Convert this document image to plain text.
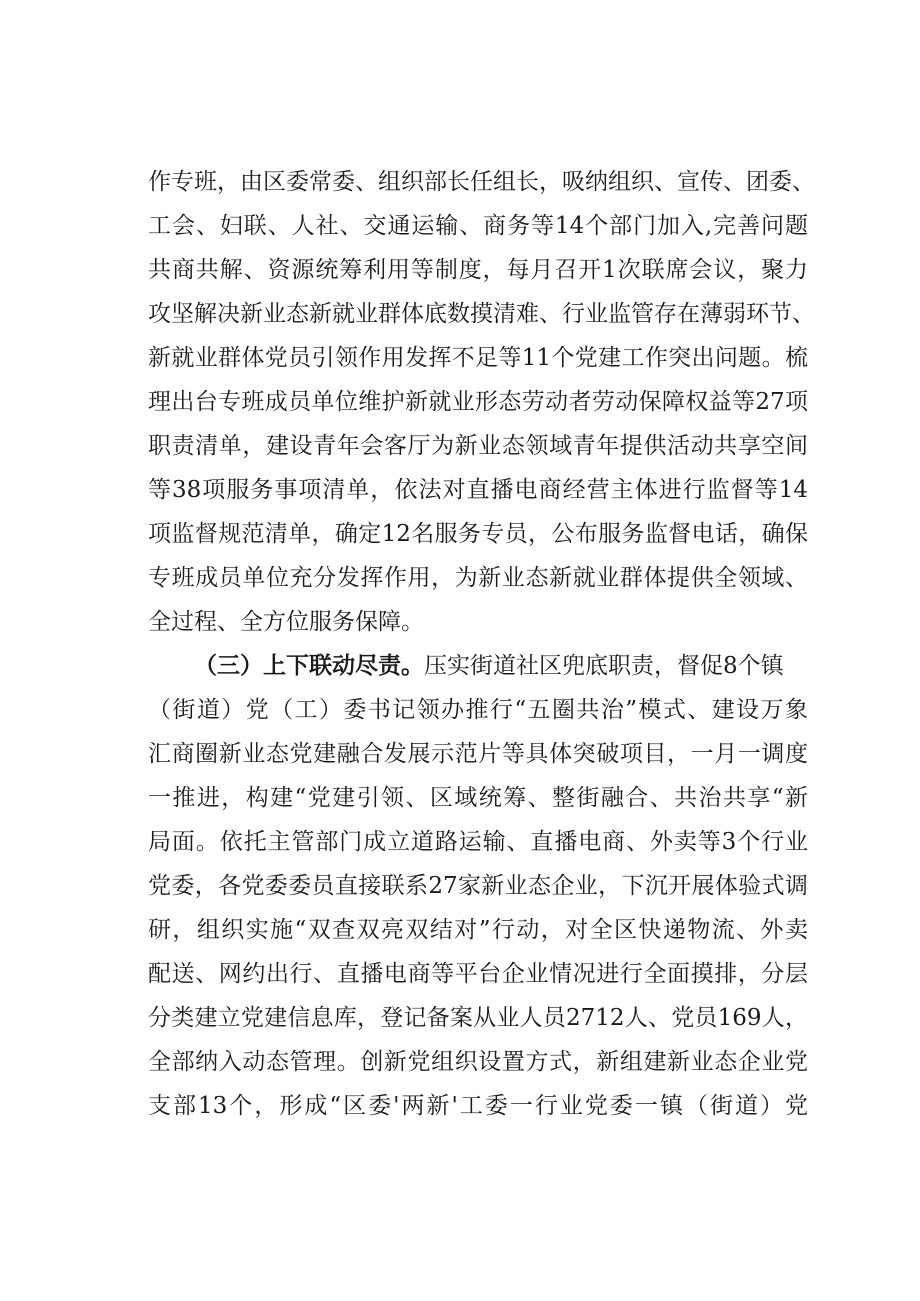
作专班，由区委常委、组织部长任组长，吸纳组织、宣传、团委、
工会、妇联、人社、交通运输、商务等14个部门加入,完善问题
共商共解、资源统筹利用等制度，每月召开1次联席会议，聚力
攻坚解决新业态新就业群体底数摸清难、行业监管存在薄弱环节、
新就业群体党员引领作用发挥不足等11个党建工作突出问题。梳
理出台专班成员单位维护新就业形态劳动者劳动保障权益等27项
职责清单，建设青年会客厅为新业态领域青年提供活动共享空间
等38项服务事项清单，依法对直播电商经营主体进行监督等14
项监督规范清单，确定12名服务专员，公布服务监督电话，确保
专班成员单位充分发挥作用，为新业态新就业群体提供全领域、
全过程、全方位服务保障。
（三）上下联动尽责。压实街道社区兜底职责，督促8个镇
（街道）党（工）委书记领办推行“五圈共治”模式、建设万象
汇商圈新业态党建融合发展示范片等具体突破项目，一月一调度
一推进，构建“党建引领、区域统筹、整街融合、共治共享“新
局面。依托主管部门成立道路运输、直播电商、外卖等3个行业
党委，各党委委员直接联系27家新业态企业，下沉开展体验式调
研，组织实施“双查双亮双结对”行动，对全区快递物流、外卖
配送、网约出行、直播电商等平台企业情况进行全面摸排，分层
分类建立党建信息库，登记备案从业人员2712人、党员169人，
全部纳入动态管理。创新党组织设置方式，新组建新业态企业党
支部13个，形成“区委'两新'工委一行业党委一镇（街道）党
